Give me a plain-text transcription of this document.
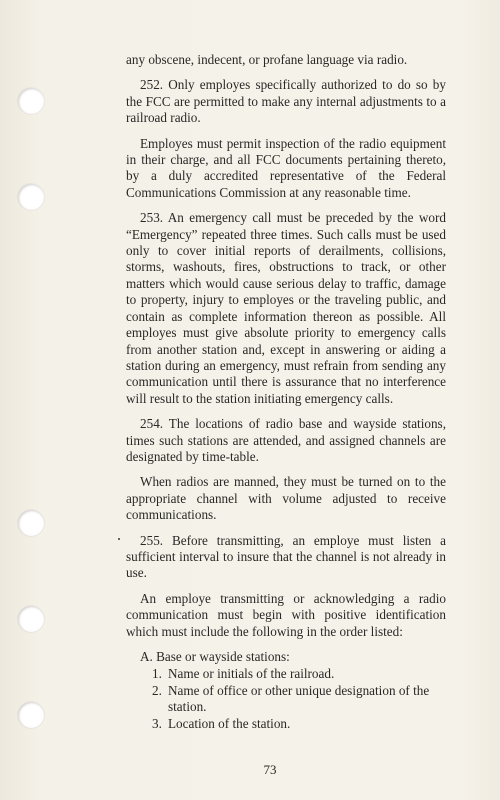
any obscene, indecent, or profane language via radio.

252. Only employes specifically authorized to do so by the FCC are permitted to make any internal adjustments to a railroad radio.

Employes must permit inspection of the radio equipment in their charge, and all FCC documents pertaining thereto, by a duly accredited representative of the Federal Communications Commission at any reasonable time.

253. An emergency call must be preceded by the word “Emergency” repeated three times. Such calls must be used only to cover initial reports of derailments, collisions, storms, washouts, fires, obstructions to track, or other matters which would cause serious delay to traffic, damage to property, injury to employes or the traveling public, and contain as complete information thereon as possible. All employes must give absolute priority to emergency calls from another station and, except in answering or aiding a station during an emergency, must refrain from sending any communication until there is assurance that no interference will result to the station initiating emergency calls.

254. The locations of radio base and wayside stations, times such stations are attended, and assigned channels are designated by time-table.

When radios are manned, they must be turned on to the appropriate channel with volume adjusted to receive communications.

255. Before transmitting, an employe must listen a sufficient interval to insure that the channel is not already in use.

An employe transmitting or acknowledging a radio communication must begin with positive identification which must include the following in the order listed:

A. Base or wayside stations:
1. Name or initials of the railroad.
2. Name of office or other unique designation of the station.
3. Location of the station.
73
